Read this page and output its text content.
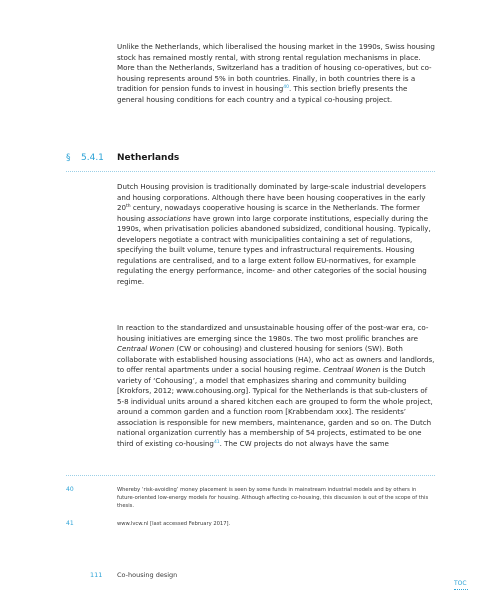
Unlike the Netherlands, which liberalised the housing market in the 1990s, Swiss housing stock has remained mostly rental, with strong rental regulation mechanisms in place. More than the Netherlands, Switzerland has a tradition of housing co-operatives, but co-housing represents around 5% in both countries. Finally, in both countries there is a tradition for pension funds to invest in housing$^{40}$. This section briefly presents the general housing conditions for each country and a typical co-housing project.

§ 5.4.1 Netherlands

Dutch Housing provision is traditionally dominated by large-scale industrial developers and housing corporations. Although there have been housing cooperatives in the early 20th century, nowadays cooperative housing is scarce in the Netherlands. The former housing associations have grown into large corporate institutions, especially during the 1990s, when privatisation policies abandoned subsidized, conditional housing. Typically, developers negotiate a contract with municipalities containing a set of regulations, specifying the built volume, tenure types and infrastructural requirements. Housing regulations are centralised, and to a large extent follow EU-normatives, for example regulating the energy performance, income- and other categories of the social housing regime.

In reaction to the standardized and unsustainable housing offer of the post-war era, co-housing initiatives are emerging since the 1980s. The two most prolific branches are Centraal Wonen (CW or cohousing) and clustered housing for seniors (SW). Both collaborate with established housing associations (HA), who act as owners and landlords, to offer rental apartments under a social housing regime. Centraal Wonen is the Dutch variety of ‘Cohousing’, a model that emphasizes sharing and community building [Krokfors, 2012; www.cohousing.org]. Typical for the Netherlands is that sub-clusters of 5-8 individual units around a shared kitchen each are grouped to form the whole project, around a common garden and a function room [Krabbendam xxx]. The residents’ association is responsible for new members, maintenance, garden and so on. The Dutch national organization currently has a membership of 54 projects, estimated to be one third of existing co-housing$^{41}$. The CW projects do not always have the same

40	Whereby ‘risk-avoiding’ money placement is seen by some funds in mainstream industrial models and by others in future-oriented low-energy models for housing. Although affecting co-housing, this discussion is out of the scope of this thesis.
41	www.lvcw.nl [last accessed February 2017].
111 Co-housing design
TOC
